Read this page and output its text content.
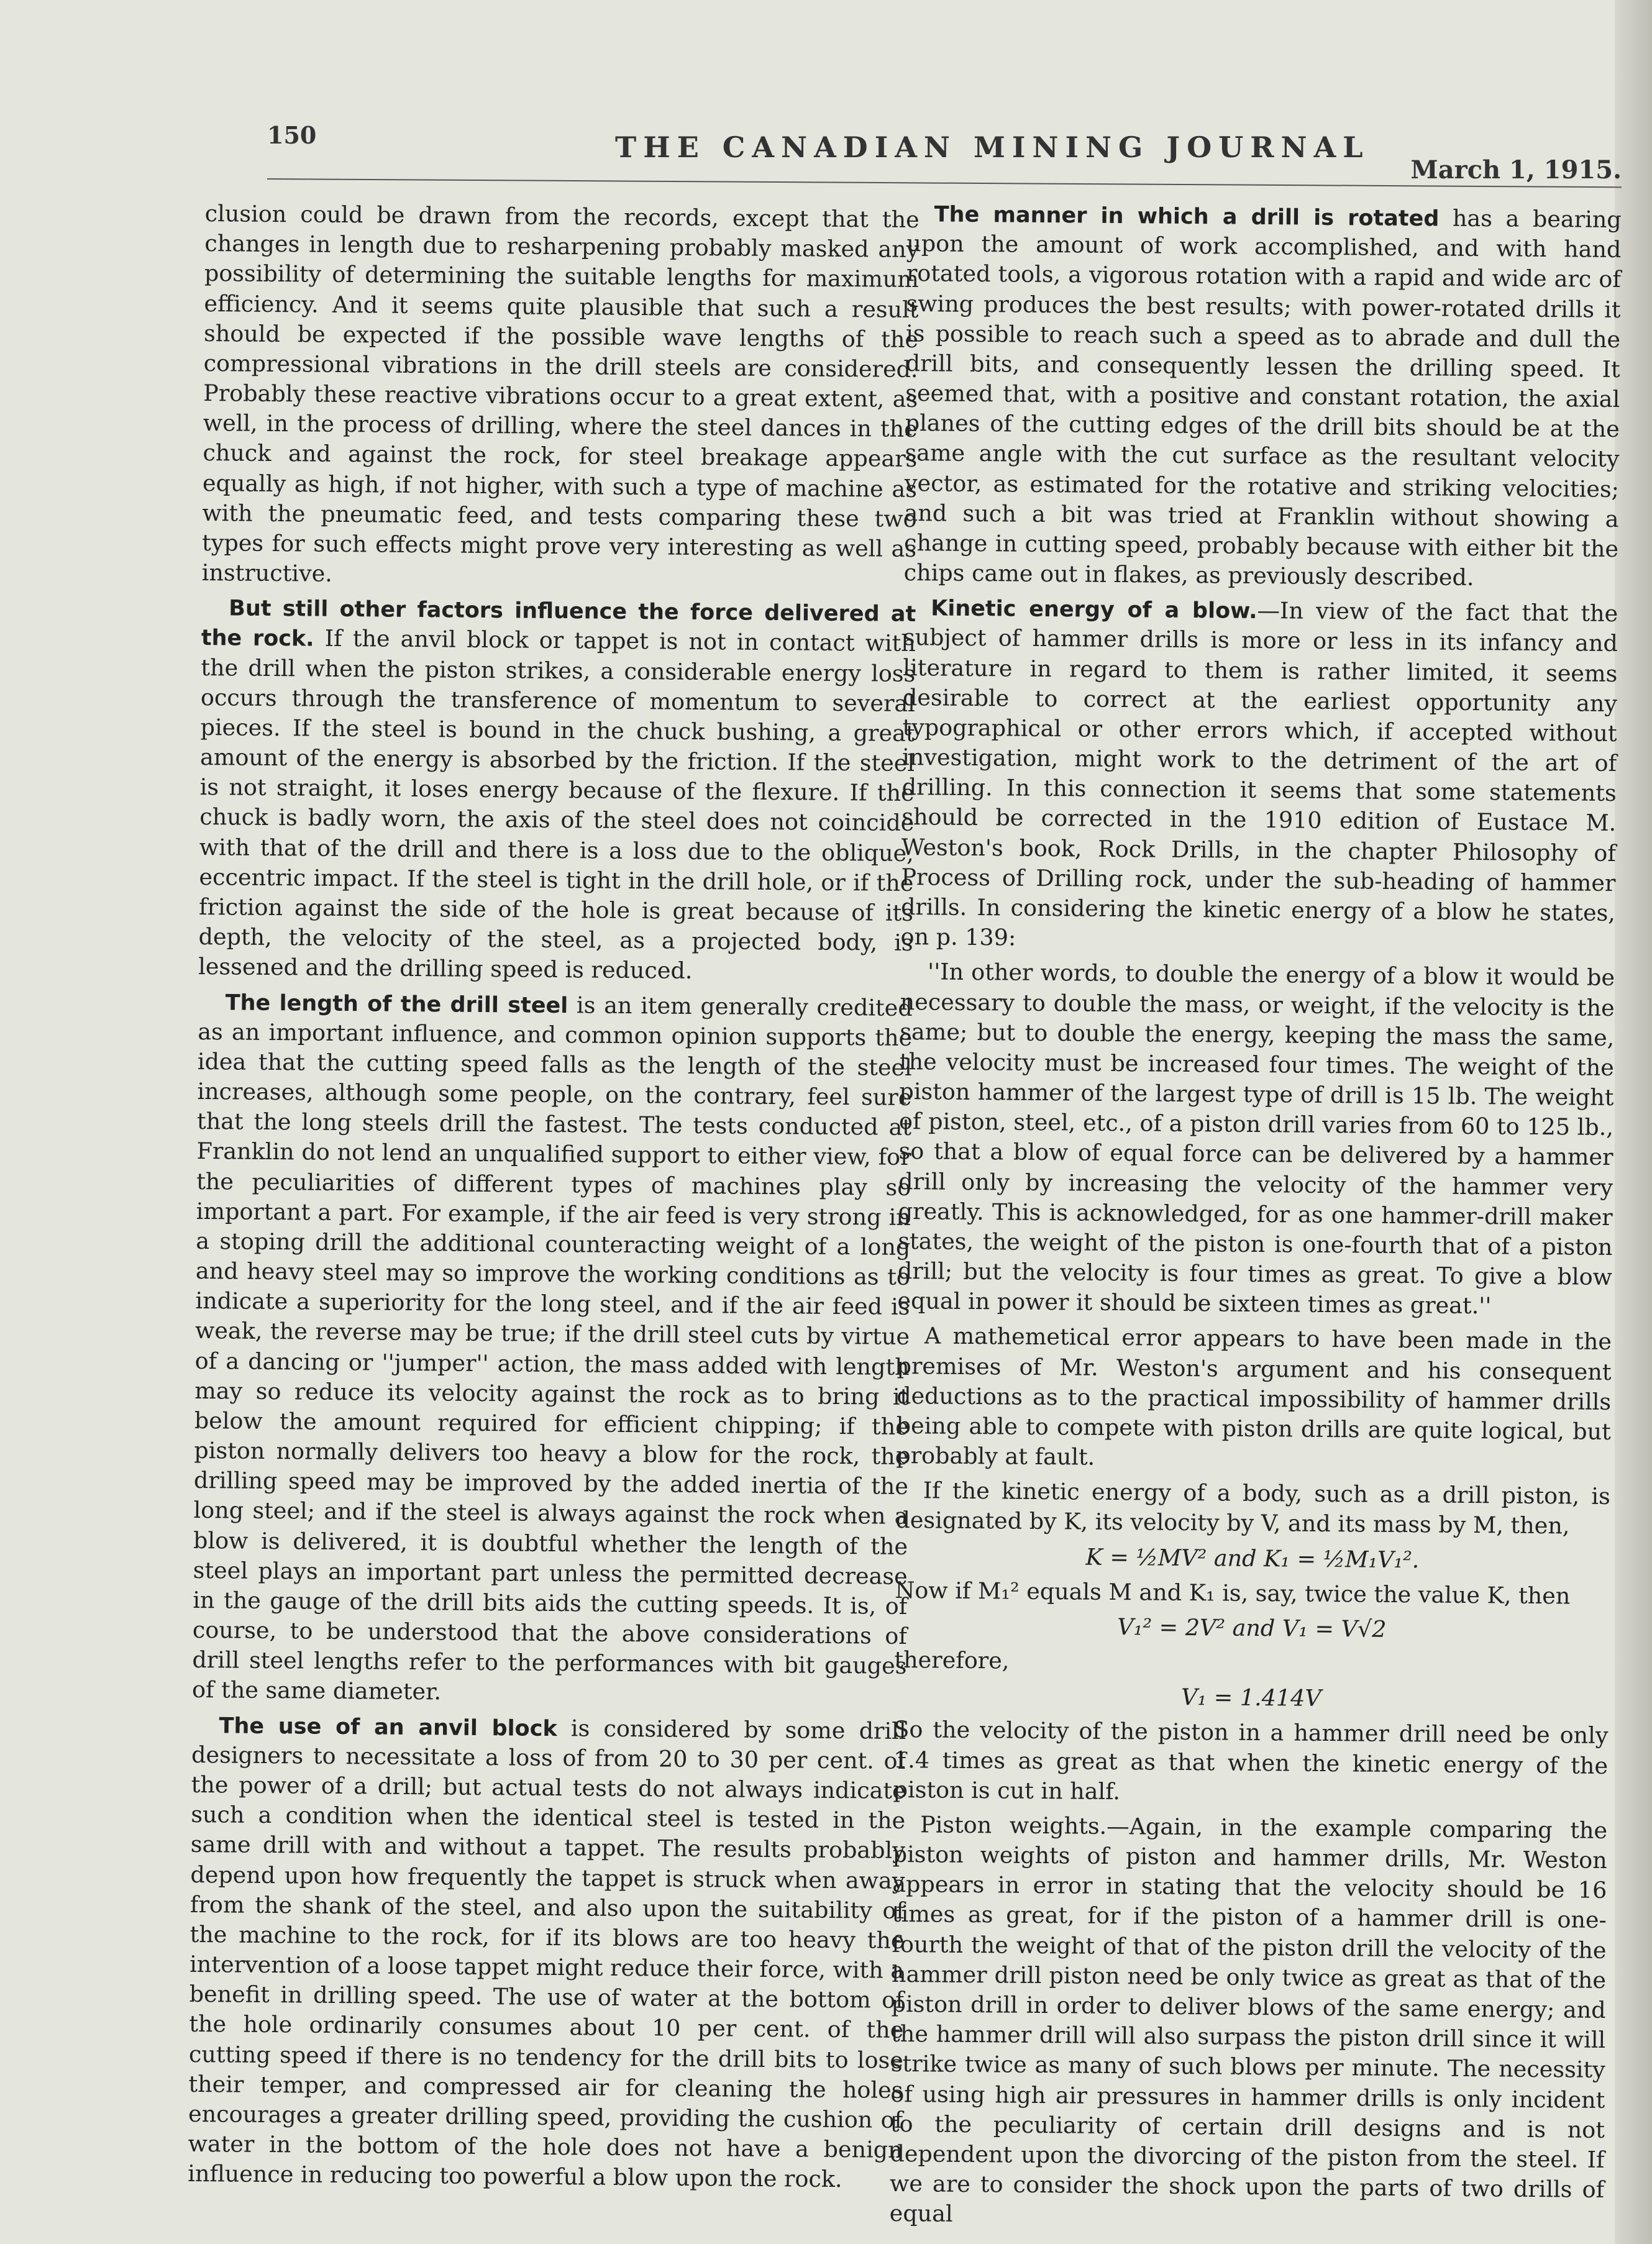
150	THE CANADIAN MINING JOURNAL
March 1, 1915.

clusion could be drawn from the records, except that the changes in length due to resharpening probably masked any possibility of determining the suitable lengths for maximum efficiency. And it seems quite plausible that such a result should be expected if the possible wave lengths of the compressional vibrations in the drill steels are considered. Probably these reactive vibrations occur to a great extent, as well, in the process of drilling, where the steel dances in the chuck and against the rock, for steel breakage appears equally as high, if not higher, with such a type of machine as with the pneumatic feed, and tests comparing these two types for such effects might prove very interesting as well as instructive.

But still other factors influence the force delivered at the rock. If the anvil block or tappet is not in contact with the drill when the piston strikes, a considerable energy loss occurs through the transference of momentum to several pieces. If the steel is bound in the chuck bushing, a great amount of the energy is absorbed by the friction. If the steel is not straight, it loses energy because of the flexure. If the chuck is badly worn, the axis of the steel does not coincide with that of the drill and there is a loss due to the oblique, eccentric impact. If the steel is tight in the drill hole, or if the friction against the side of the hole is great because of its depth, the velocity of the steel, as a projected body, is lessened and the drilling speed is reduced.

The length of the drill steel is an item generally credited as an important influence, and common opinion supports the idea that the cutting speed falls as the length of the steel increases, although some people, on the contrary, feel sure that the long steels drill the fastest. The tests conducted at Franklin do not lend an unqualified support to either view, for the peculiarities of different types of machines play so important a part. For example, if the air feed is very strong in a stoping drill the additional counteracting weight of a long and heavy steel may so improve the working conditions as to indicate a superiority for the long steel, and if the air feed is weak, the reverse may be true; if the drill steel cuts by virtue of a dancing or ''jumper'' action, the mass added with length may so reduce its velocity against the rock as to bring it below the amount required for efficient chipping; if the piston normally delivers too heavy a blow for the rock, the drilling speed may be improved by the added inertia of the long steel; and if the steel is always against the rock when a blow is delivered, it is doubtful whether the length of the steel plays an important part unless the permitted decrease in the gauge of the drill bits aids the cutting speeds. It is, of course, to be understood that the above considerations of drill steel lengths refer to the performances with bit gauges of the same diameter.

The use of an anvil block is considered by some drill designers to necessitate a loss of from 20 to 30 per cent. of the power of a drill; but actual tests do not always indicate such a condition when the identical steel is tested in the same drill with and without a tappet. The results probably depend upon how frequently the tappet is struck when away from the shank of the steel, and also upon the suitability of the machine to the rock, for if its blows are too heavy the intervention of a loose tappet might reduce their force, with a benefit in drilling speed. The use of water at the bottom of the hole ordinarily consumes about 10 per cent. of the cutting speed if there is no tendency for the drill bits to lose their temper, and compressed air for cleaning the holes encourages a greater drilling speed, providing the cushion of water in the bottom of the hole does not have a benign influence in reducing too powerful a blow upon the rock.

The manner in which a drill is rotated has a bearing upon the amount of work accomplished, and with hand rotated tools, a vigorous rotation with a rapid and wide arc of swing produces the best results; with power-rotated drills it is possible to reach such a speed as to abrade and dull the drill bits, and consequently lessen the drilling speed. It seemed that, with a positive and constant rotation, the axial planes of the cutting edges of the drill bits should be at the same angle with the cut surface as the resultant velocity vector, as estimated for the rotative and striking velocities; and such a bit was tried at Franklin without showing a change in cutting speed, probably because with either bit the chips came out in flakes, as previously described.

Kinetic energy of a blow.—In view of the fact that the subject of hammer drills is more or less in its infancy and literature in regard to them is rather limited, it seems desirable to correct at the earliest opportunity any typographical or other errors which, if accepted without investigation, might work to the detriment of the art of drilling. In this connection it seems that some statements should be corrected in the 1910 edition of Eustace M. Weston's book, Rock Drills, in the chapter Philosophy of Process of Drilling rock, under the sub-heading of hammer drills. In considering the kinetic energy of a blow he states, on p. 139:

''In other words, to double the energy of a blow it would be necessary to double the mass, or weight, if the velocity is the same; but to double the energy, keeping the mass the same, the velocity must be increased four times. The weight of the piston hammer of the largest type of drill is 15 lb. The weight of piston, steel, etc., of a piston drill varies from 60 to 125 lb., so that a blow of equal force can be delivered by a hammer drill only by increasing the velocity of the hammer very greatly. This is acknowledged, for as one hammer-drill maker states, the weight of the piston is one-fourth that of a piston drill; but the velocity is four times as great. To give a blow equal in power it should be sixteen times as great.''

A mathemetical error appears to have been made in the premises of Mr. Weston's argument and his consequent deductions as to the practical impossibility of hammer drills being able to compete with piston drills are quite logical, but probably at fault.

If the kinetic energy of a body, such as a drill piston, is designated by K, its velocity by V, and its mass by M, then,

K = ½MV² and K₁ = ½M₁V₁².

Now if M₁² equals M and K₁ is, say, twice the value K, then

V₁² = 2V² and V₁ = V√2

therefore,

V₁ = 1.414V

So the velocity of the piston in a hammer drill need be only 1.4 times as great as that when the kinetic energy of the piston is cut in half.

Piston weights.—Again, in the example comparing the piston weights of piston and hammer drills, Mr. Weston appears in error in stating that the velocity should be 16 times as great, for if the piston of a hammer drill is one-fourth the weight of that of the piston drill the velocity of the hammer drill piston need be only twice as great as that of the piston drill in order to deliver blows of the same energy; and the hammer drill will also surpass the piston drill since it will strike twice as many of such blows per minute. The necessity of using high air pressures in hammer drills is only incident to the peculiarity of certain drill designs and is not dependent upon the divorcing of the piston from the steel. If we are to consider the shock upon the parts of two drills of equal
